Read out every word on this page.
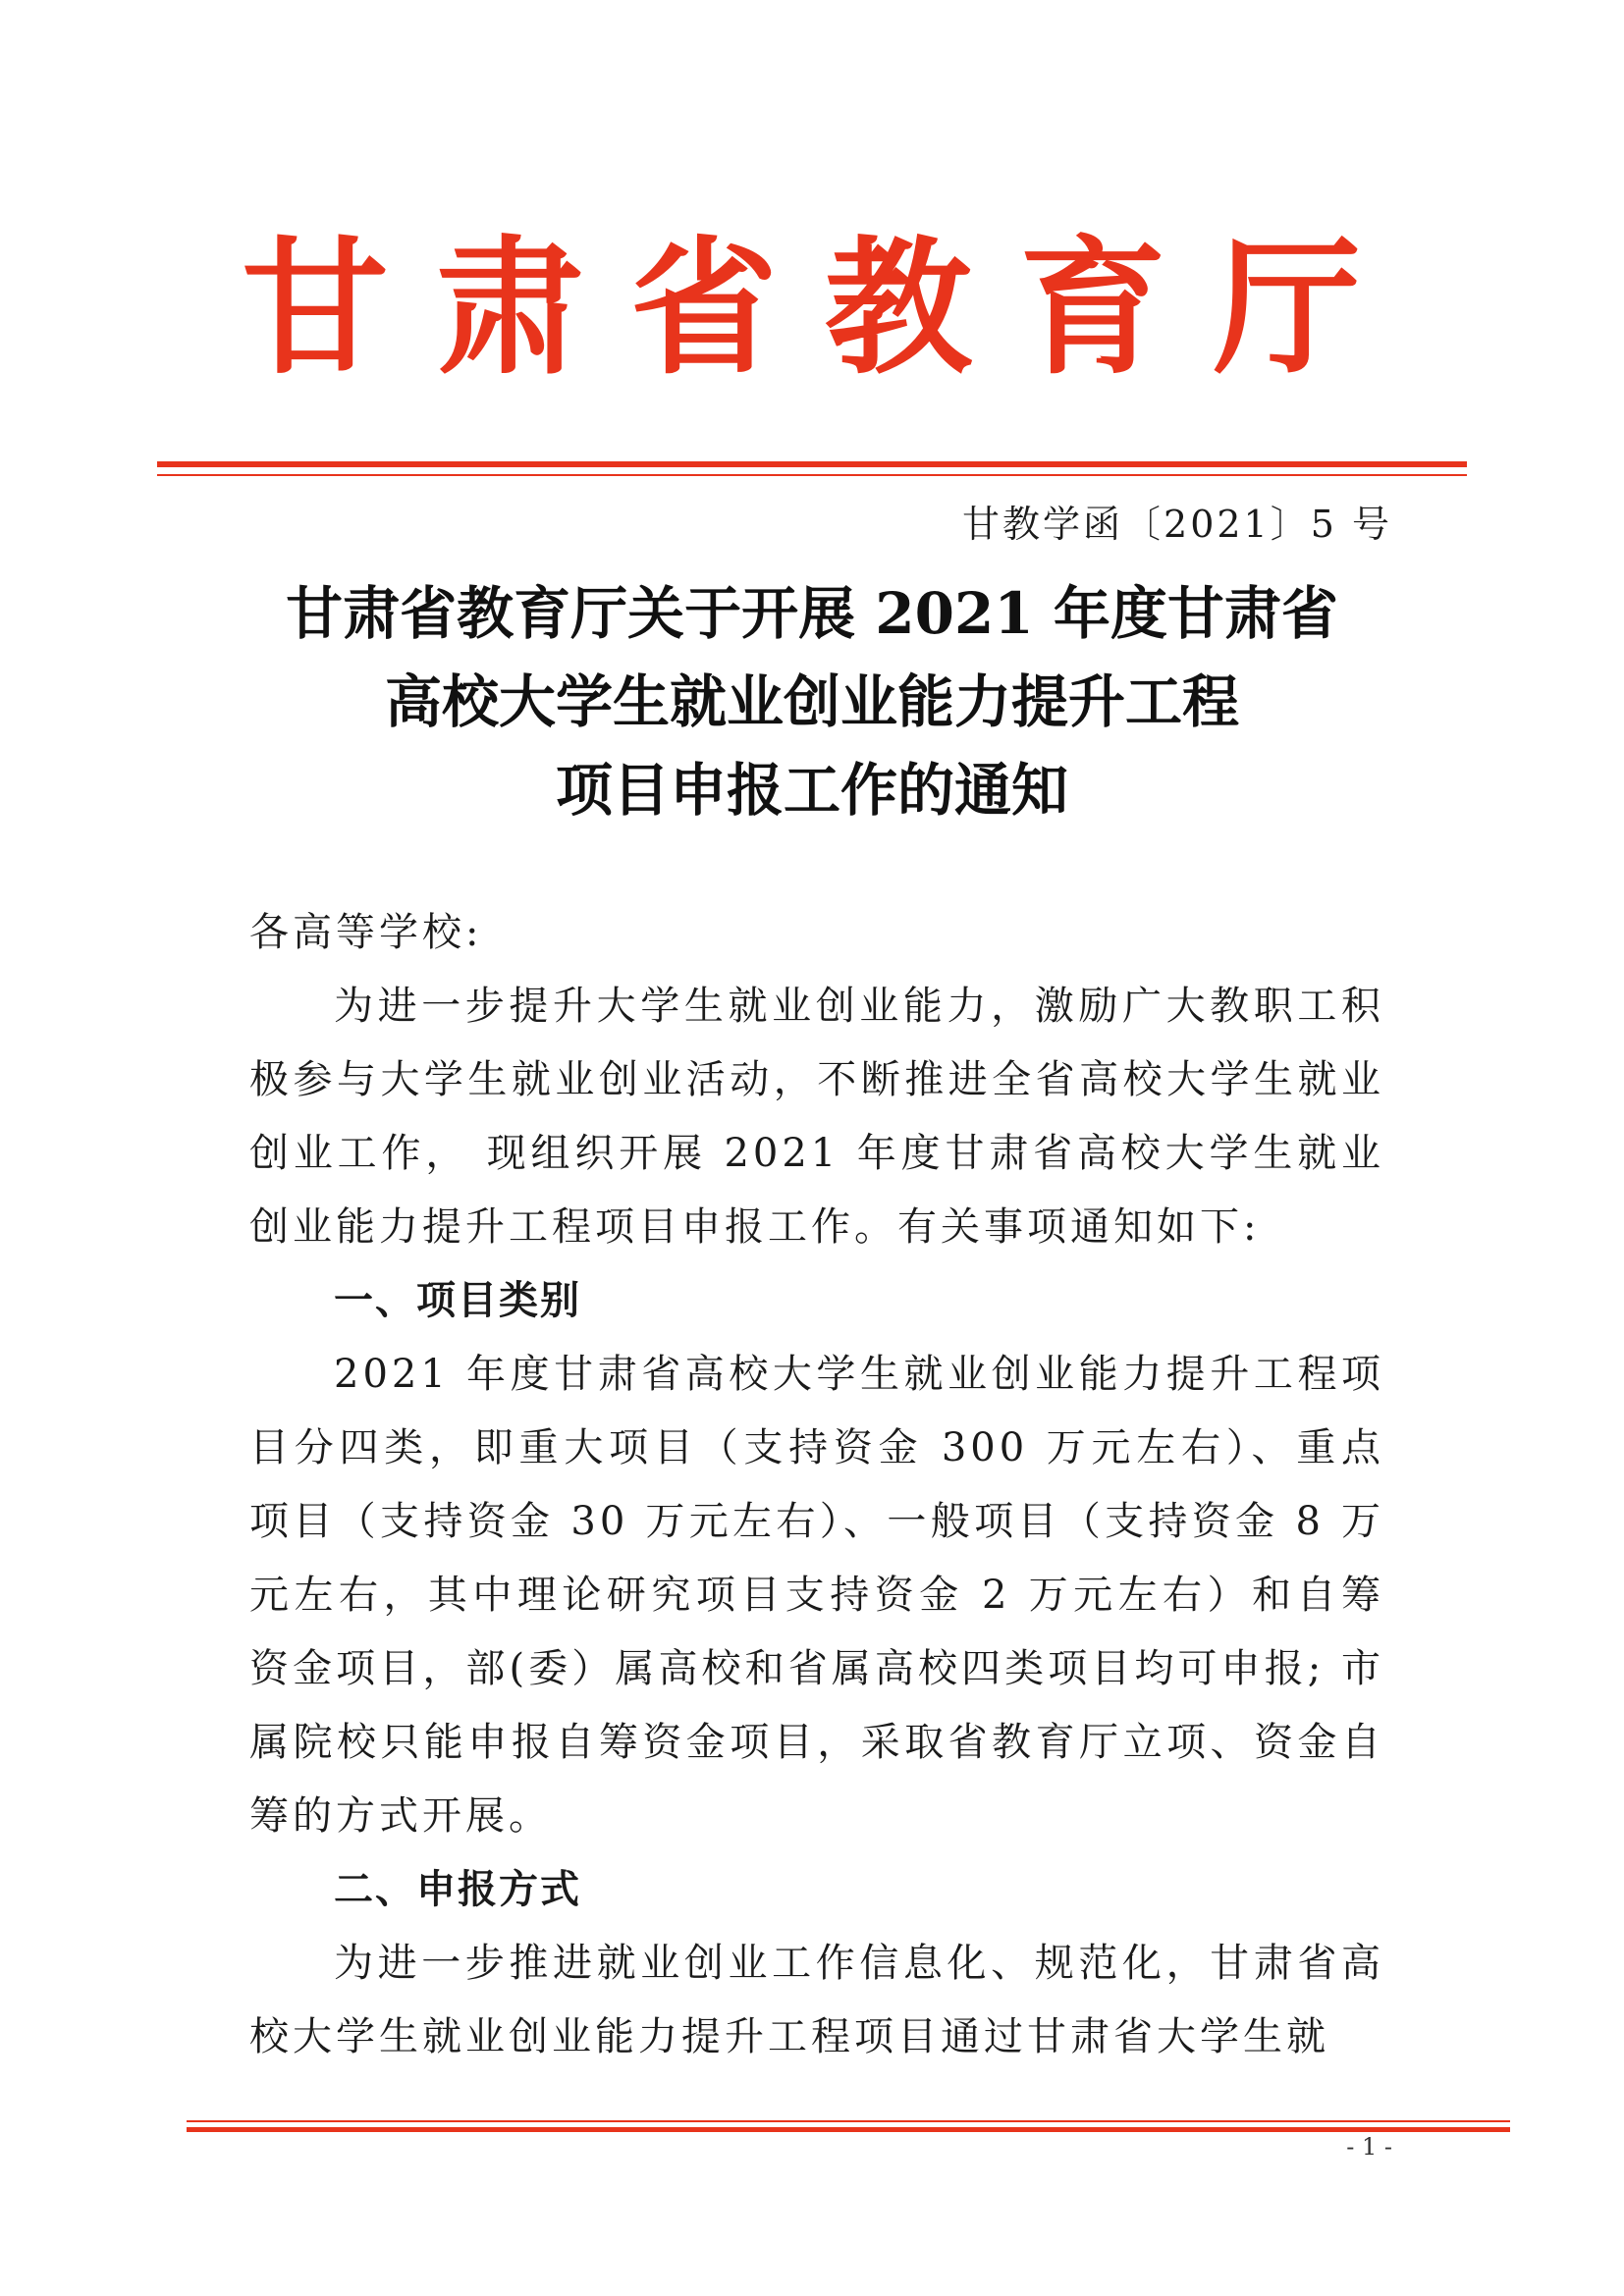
甘肃省教育厅
甘教学函〔2021〕5 号
甘肃省教育厅关于开展 2021 年度甘肃省
高校大学生就业创业能力提升工程
项目申报工作的通知
各高等学校:
为进一步提升大学生就业创业能力，激励广大教职工积极参与大学生就业创业活动，不断推进全省高校大学生就业创业工作， 现组织开展 2021 年度甘肃省高校大学生就业创业能力提升工程项目申报工作。有关事项通知如下:
一、项目类别
2021 年度甘肃省高校大学生就业创业能力提升工程项目分四类，即重大项目（支持资金 300 万元左右）、重点项目（支持资金 30 万元左右）、一般项目（支持资金 8 万元左右，其中理论研究项目支持资金 2 万元左右）和自筹资金项目，部(委）属高校和省属高校四类项目均可申报; 市属院校只能申报自筹资金项目，采取省教育厅立项、资金自筹的方式开展。
二、申报方式
为进一步推进就业创业工作信息化、规范化，甘肃省高校大学生就业创业能力提升工程项目通过甘肃省大学生就
- 1 -
